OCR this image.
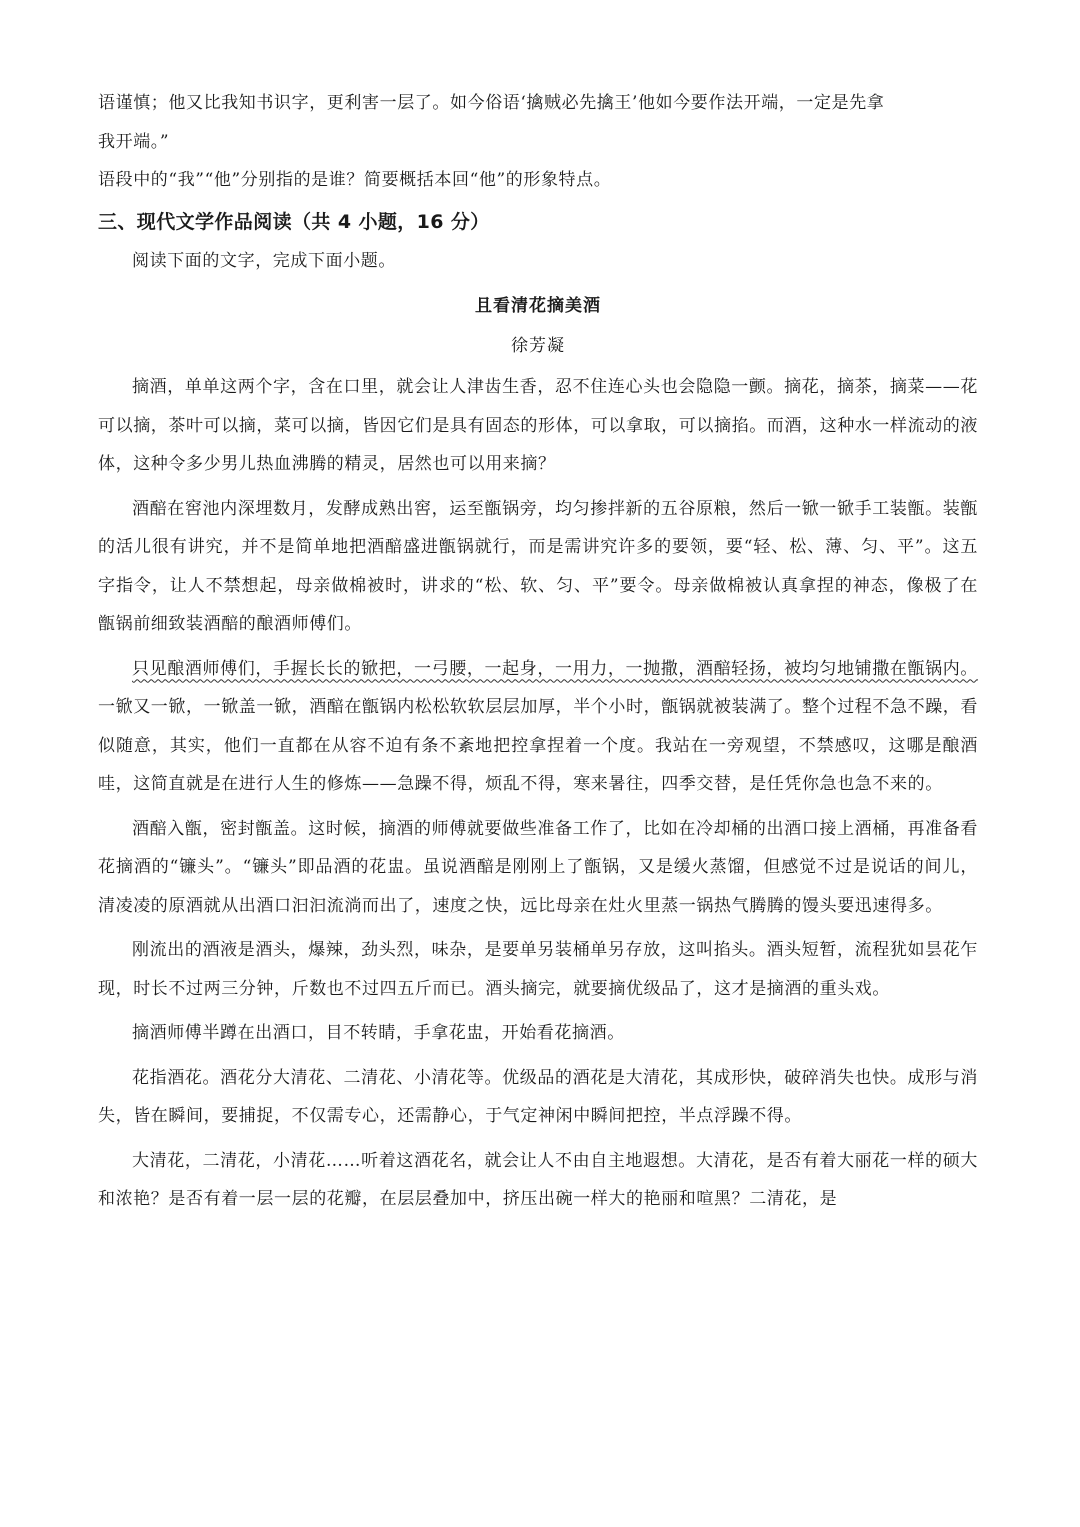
语谨慎；他又比我知书识字，更利害一层了。如今俗语‘擒贼必先擒王’他如今要作法开端，一定是先拿

我开端。”

语段中的“我”“他”分别指的是谁？简要概括本回“他”的形象特点。

三、现代文学作品阅读（共 4 小题，16 分）

阅读下面的文字，完成下面小题。

且看清花摘美酒

徐芳凝

摘酒，单单这两个字，含在口里，就会让人津齿生香，忍不住连心头也会隐隐一颤。摘花，摘茶，摘菜——花可以摘，茶叶可以摘，菜可以摘，皆因它们是具有固态的形体，可以拿取，可以摘掐。而酒，这种水一样流动的液体，这种令多少男儿热血沸腾的精灵，居然也可以用来摘？

酒醅在窖池内深埋数月，发酵成熟出窖，运至甑锅旁，均匀掺拌新的五谷原粮，然后一锨一锨手工装甑。装甑的活儿很有讲究，并不是简单地把酒醅盛进甑锅就行，而是需讲究许多的要领，要“轻、松、薄、匀、平”。这五字指令，让人不禁想起，母亲做棉被时，讲求的“松、软、匀、平”要令。母亲做棉被认真拿捏的神态，像极了在甑锅前细致装酒醅的酿酒师傅们。

只见酿酒师傅们，手握长长的锨把，一弓腰，一起身，一用力，一抛撒，酒醅轻扬，被均匀地铺撒在甑锅内。一锨又一锨，一锨盖一锨，酒醅在甑锅内松松软软层层加厚，半个小时，甑锅就被装满了。整个过程不急不躁，看似随意，其实，他们一直都在从容不迫有条不紊地把控拿捏着一个度。我站在一旁观望，不禁感叹，这哪是酿酒哇，这简直就是在进行人生的修炼——急躁不得，烦乱不得，寒来暑往，四季交替，是任凭你急也急不来的。

酒醅入甑，密封甑盖。这时候，摘酒的师傅就要做些准备工作了，比如在冷却桶的出酒口接上酒桶，再准备看花摘酒的“镰头”。“镰头”即品酒的花盅。虽说酒醅是刚刚上了甑锅，又是缓火蒸馏，但感觉不过是说话的间儿，清凌凌的原酒就从出酒口汩汩流淌而出了，速度之快，远比母亲在灶火里蒸一锅热气腾腾的馒头要迅速得多。

刚流出的酒液是酒头，爆辣，劲头烈，味杂，是要单另装桶单另存放，这叫掐头。酒头短暂，流程犹如昙花乍现，时长不过两三分钟，斤数也不过四五斤而已。酒头摘完，就要摘优级品了，这才是摘酒的重头戏。

摘酒师傅半蹲在出酒口，目不转睛，手拿花盅，开始看花摘酒。

花指酒花。酒花分大清花、二清花、小清花等。优级品的酒花是大清花，其成形快，破碎消失也快。成形与消失，皆在瞬间，要捕捉，不仅需专心，还需静心，于气定神闲中瞬间把控，半点浮躁不得。

大清花，二清花，小清花……听着这酒花名，就会让人不由自主地遐想。大清花，是否有着大丽花一样的硕大和浓艳？是否有着一层一层的花瓣，在层层叠加中，挤压出碗一样大的艳丽和喧黑？二清花，是
